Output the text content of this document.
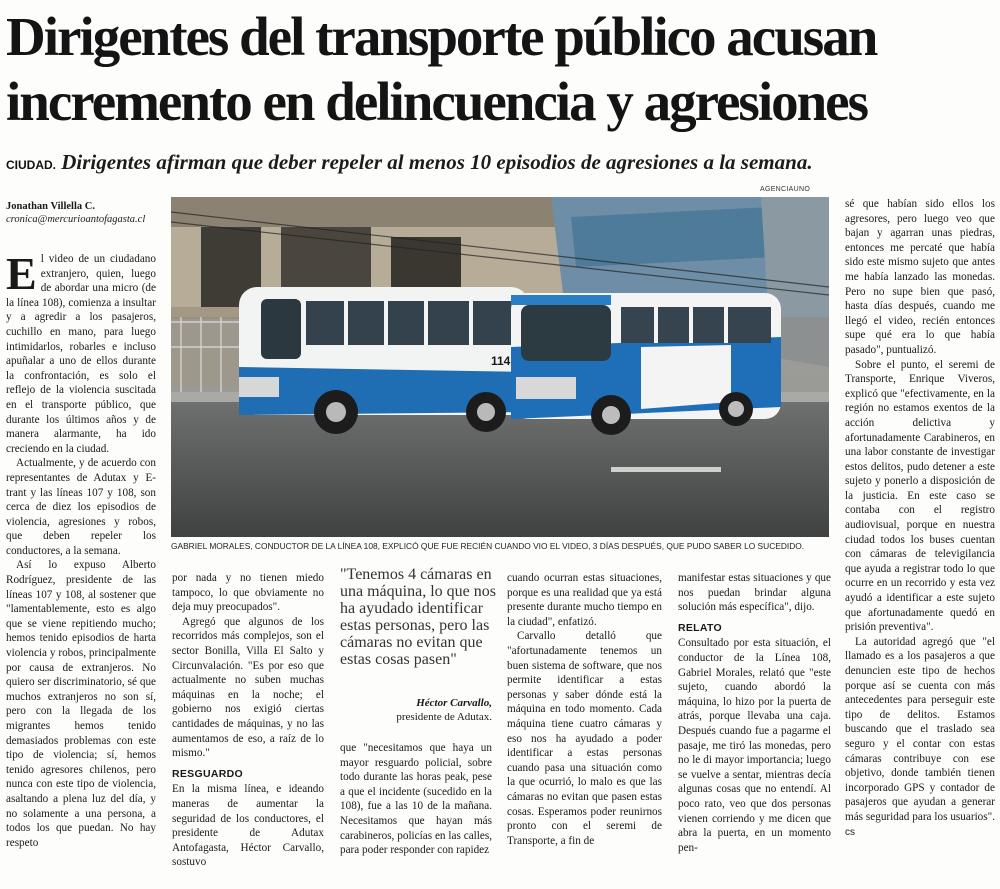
Dirigentes del transporte público acusan incremento en delincuencia y agresiones
CIUDAD. Dirigentes afirman que deber repeler al menos 10 episodios de agresiones a la semana.
Jonathan Villella C.
cronica@mercurioantofagasta.cl
AGENCIAUNO
114
GABRIEL MORALES, CONDUCTOR DE LA LÍNEA 108, EXPLICÓ QUE FUE RECIÉN CUANDO VIO EL VIDEO, 3 DÍAS DESPUÉS, QUE PUDO SABER LO SUCEDIDO.

El video de un ciudadano extranjero, quien, luego de abordar una micro (de la línea 108), comienza a insultar y a agredir a los pasajeros, cuchillo en mano, para luego intimidarlos, robarles e incluso apuñalar a uno de ellos durante la confrontación, es solo el reflejo de la violencia suscitada en el transporte público, que durante los últimos años y de manera alarmante, ha ido creciendo en la ciudad.

Actualmente, y de acuerdo con representantes de Adutax y E-trant y las líneas 107 y 108, son cerca de diez los episodios de violencia, agresiones y robos, que deben repeler los conductores, a la semana.

Así lo expuso Alberto Rodríguez, presidente de las líneas 107 y 108, al sostener que "lamentablemente, esto es algo que se viene repitiendo mucho; hemos tenido episodios de harta violencia y robos, principalmente por causa de extranjeros. No quiero ser discriminatorio, sé que muchos extranjeros no son sí, pero con la llegada de los migrantes hemos tenido demasiados problemas con este tipo de violencia; sí, hemos tenido agresores chilenos, pero nunca con este tipo de violencia, asaltando a plena luz del día, y no solamente a una persona, a todos los que puedan. No hay respeto

por nada y no tienen miedo tampoco, lo que obviamente no deja muy preocupados".

Agregó que algunos de los recorridos más complejos, son el sector Bonilla, Villa El Salto y Circunvalación. "Es por eso que actualmente no suben muchas máquinas en la noche; el gobierno nos exigió ciertas cantidades de máquinas, y no las aumentamos de eso, a raíz de lo mismo."

RESGUARDO

En la misma línea, e ideando maneras de aumentar la seguridad de los conductores, el presidente de Adutax Antofagasta, Héctor Carvallo, sostuvo

"Tenemos 4 cámaras en una máquina, lo que nos ha ayudado identificar estas personas, pero las cámaras no evitan que estas cosas pasen"
Héctor Carvallo,
presidente de Adutax.

que "necesitamos que haya un mayor resguardo policial, sobre todo durante las horas peak, pese a que el incidente (sucedido en la 108), fue a las 10 de la mañana. Necesitamos que hayan más carabineros, policías en las calles, para poder responder con rapidez

cuando ocurran estas situaciones, porque es una realidad que ya está presente durante mucho tiempo en la ciudad", enfatizó.

Carvallo detalló que "afortunadamente tenemos un buen sistema de software, que nos permite identificar a estas personas y saber dónde está la máquina en todo momento. Cada máquina tiene cuatro cámaras y eso nos ha ayudado a poder identificar a estas personas cuando pasa una situación como la que ocurrió, lo malo es que las cámaras no evitan que pasen estas cosas. Esperamos poder reunirnos pronto con el seremi de Transporte, a fin de

manifestar estas situaciones y que nos puedan brindar alguna solución más específica", dijo.

RELATO

Consultado por esta situación, el conductor de la Línea 108, Gabriel Morales, relató que "este sujeto, cuando abordó la máquina, lo hizo por la puerta de atrás, porque llevaba una caja. Después cuando fue a pagarme el pasaje, me tiró las monedas, pero no le di mayor importancia; luego se vuelve a sentar, mientras decía algunas cosas que no entendí. Al poco rato, veo que dos personas vienen corriendo y me dicen que abra la puerta, en un momento pen-

sé que habían sido ellos los agresores, pero luego veo que bajan y agarran unas piedras, entonces me percaté que había sido este mismo sujeto que antes me había lanzado las monedas. Pero no supe bien que pasó, hasta días después, cuando me llegó el video, recién entonces supe qué era lo que había pasado", puntualizó.

Sobre el punto, el seremi de Transporte, Enrique Viveros, explicó que "efectivamente, en la región no estamos exentos de la acción delictiva y afortunadamente Carabineros, en una labor constante de investigar estos delitos, pudo detener a este sujeto y ponerlo a disposición de la justicia. En este caso se contaba con el registro audiovisual, porque en nuestra ciudad todos los buses cuentan con cámaras de televigilancia que ayuda a registrar todo lo que ocurre en un recorrido y esta vez ayudó a identificar a este sujeto que afortunadamente quedó en prisión preventiva".

La autoridad agregó que "el llamado es a los pasajeros a que denuncien este tipo de hechos porque así se cuenta con más antecedentes para perseguir este tipo de delitos. Estamos buscando que el traslado sea seguro y el contar con estas cámaras contribuye con ese objetivo, donde también tienen incorporado GPS y contador de pasajeros que ayudan a generar más seguridad para los usuarios". cs
